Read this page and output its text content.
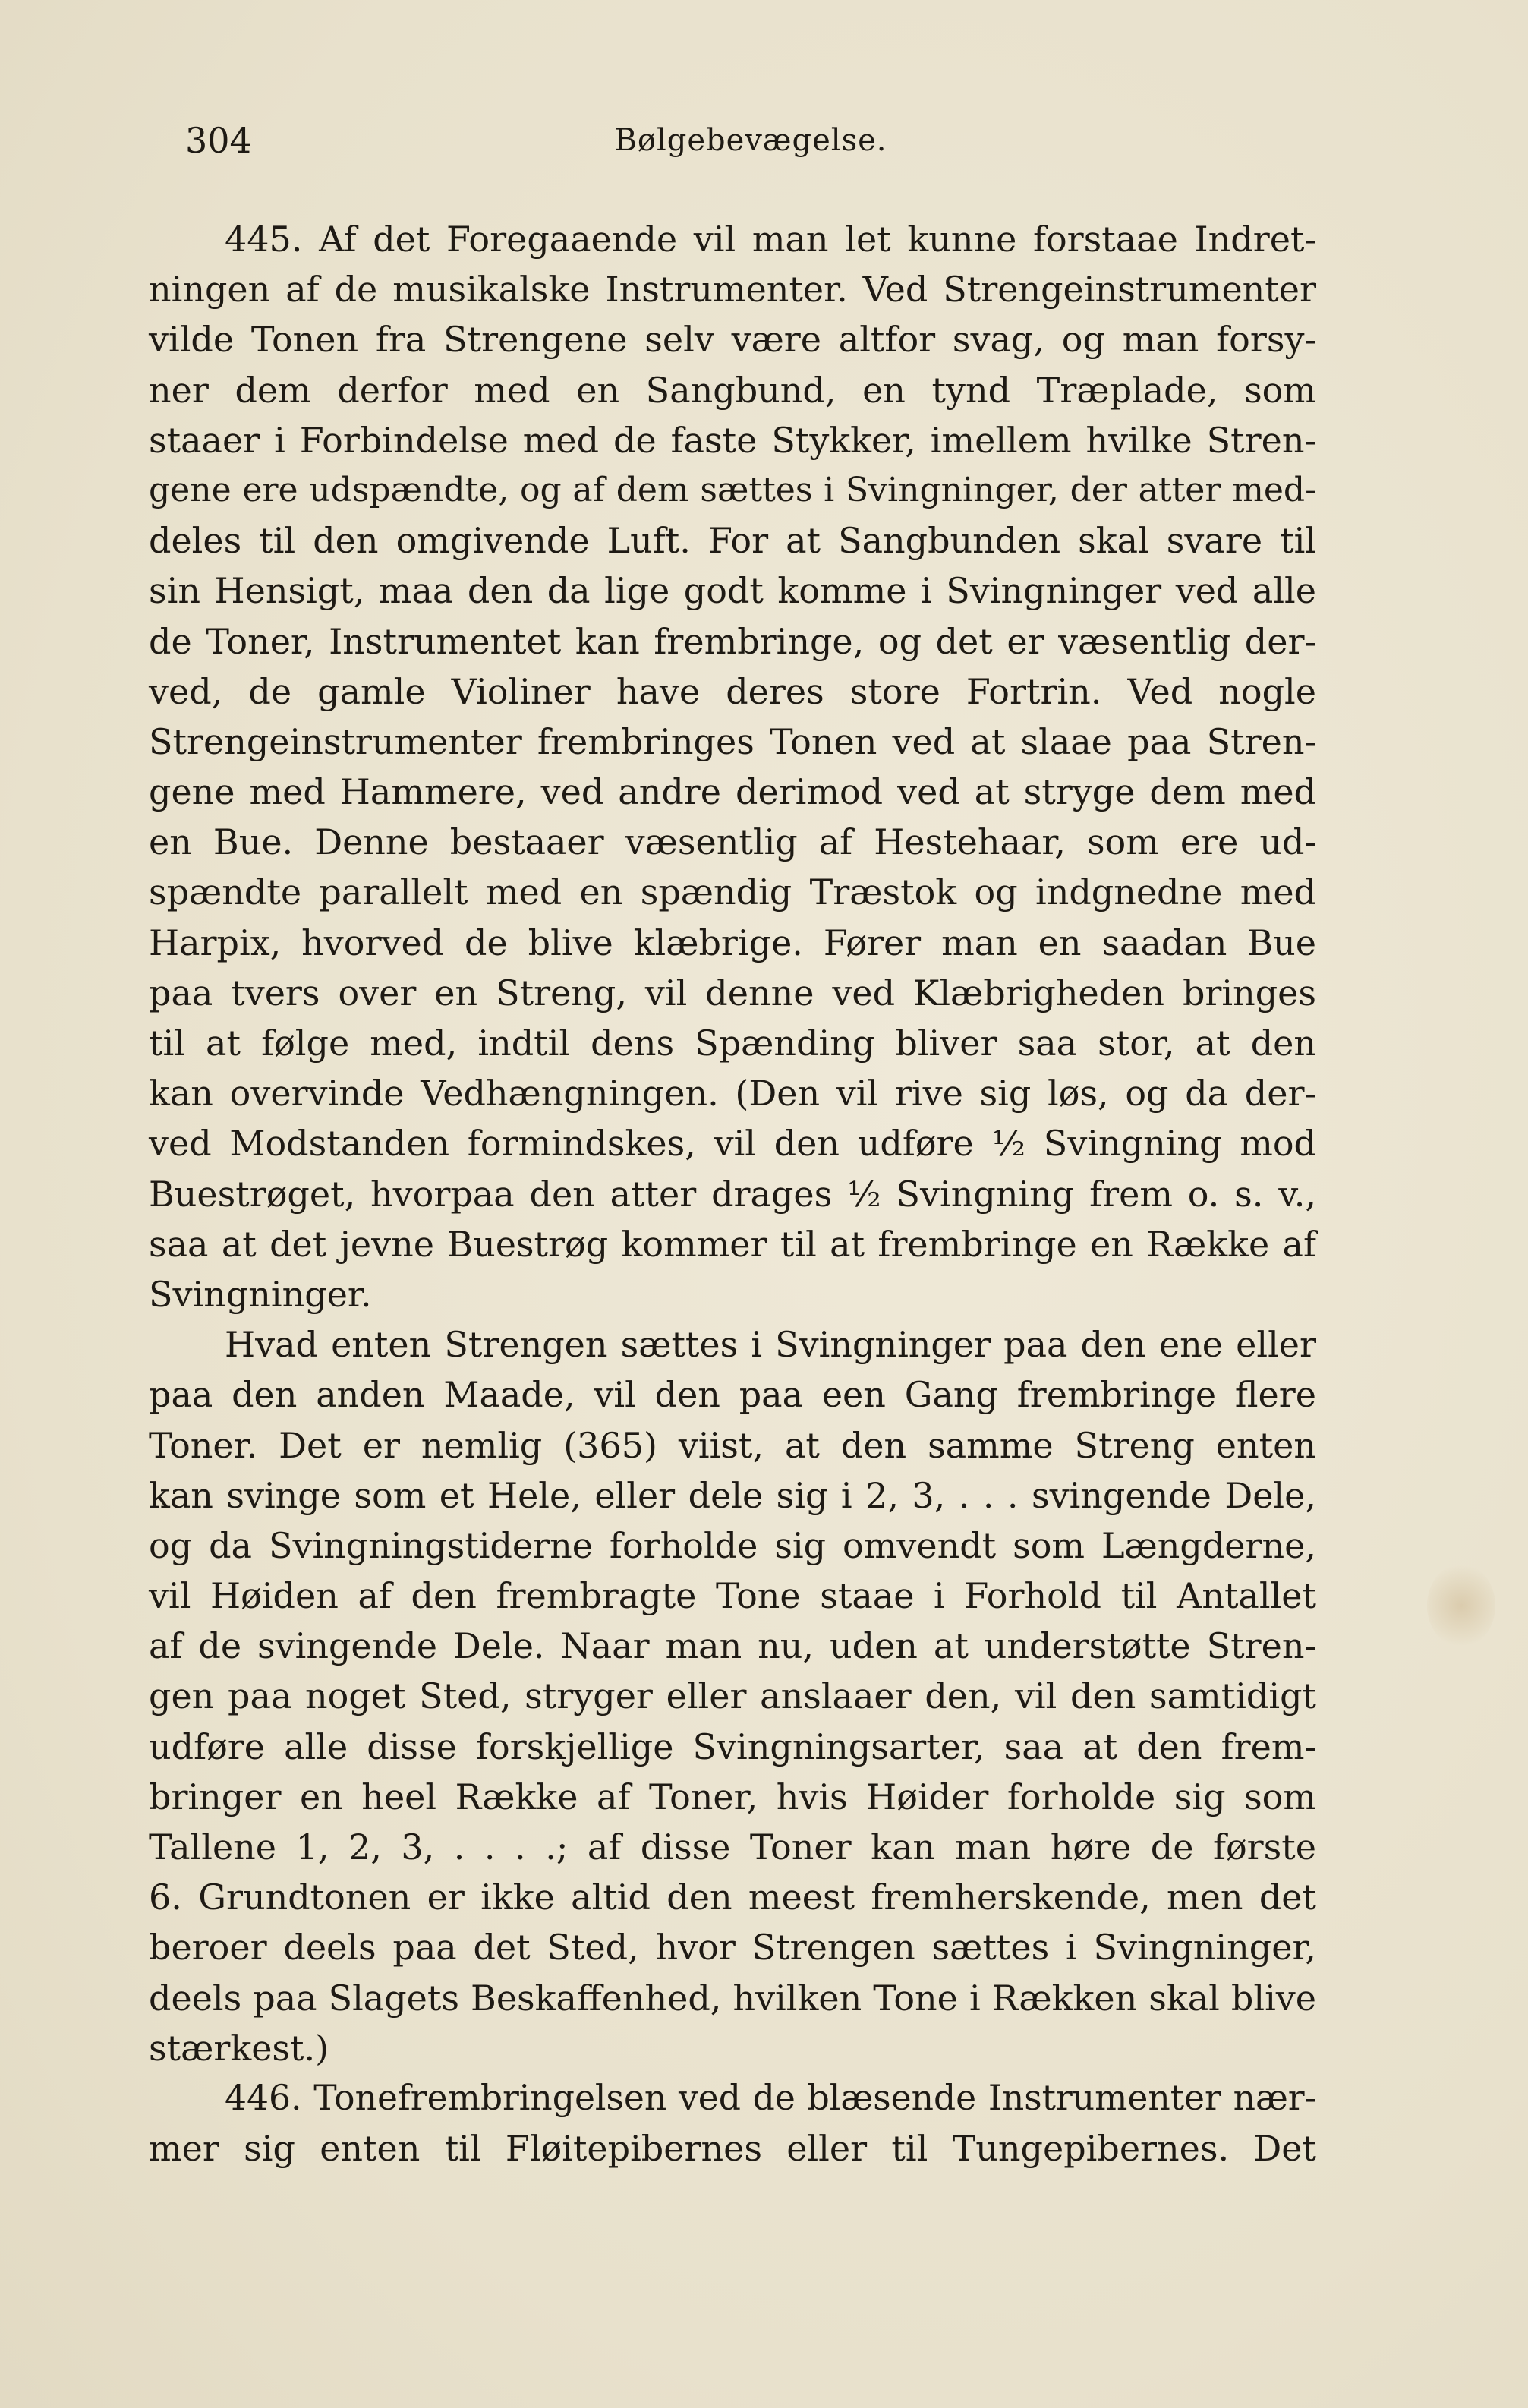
304	Bølgebevægelse.
445. Af det Foregaaende vil man let kunne forstaae Indret-
ningen af de musikalske Instrumenter. Ved Strengeinstrumenter
vilde Tonen fra Strengene selv være altfor svag, og man forsy-
ner dem derfor med en Sangbund, en tynd Træplade, som
staaer i Forbindelse med de faste Stykker, imellem hvilke Stren-
gene ere udspændte, og af dem sættes i Svingninger, der atter med-
deles til den omgivende Luft. For at Sangbunden skal svare til
sin Hensigt, maa den da lige godt komme i Svingninger ved alle
de Toner, Instrumentet kan frembringe, og det er væsentlig der-
ved, de gamle Violiner have deres store Fortrin. Ved nogle
Strengeinstrumenter frembringes Tonen ved at slaae paa Stren-
gene med Hammere, ved andre derimod ved at stryge dem med
en Bue. Denne bestaaer væsentlig af Hestehaar, som ere ud-
spændte parallelt med en spændig Træstok og indgnedne med
Harpix, hvorved de blive klæbrige. Fører man en saadan Bue
paa tvers over en Streng, vil denne ved Klæbrigheden bringes
til at følge med, indtil dens Spænding bliver saa stor, at den
kan overvinde Vedhængningen. (Den vil rive sig løs, og da der-
ved Modstanden formindskes, vil den udføre ½ Svingning mod
Buestrøget, hvorpaa den atter drages ½ Svingning frem o. s. v.,
saa at det jevne Buestrøg kommer til at frembringe en Række af
Svingninger.
Hvad enten Strengen sættes i Svingninger paa den ene eller
paa den anden Maade, vil den paa een Gang frembringe flere
Toner. Det er nemlig (365) viist, at den samme Streng enten
kan svinge som et Hele, eller dele sig i 2, 3, . . . svingende Dele,
og da Svingningstiderne forholde sig omvendt som Længderne,
vil Høiden af den frembragte Tone staae i Forhold til Antallet
af de svingende Dele. Naar man nu, uden at understøtte Stren-
gen paa noget Sted, stryger eller anslaaer den, vil den samtidigt
udføre alle disse forskjellige Svingningsarter, saa at den frem-
bringer en heel Række af Toner, hvis Høider forholde sig som
Tallene 1, 2, 3, . . . .; af disse Toner kan man høre de første
6. Grundtonen er ikke altid den meest fremherskende, men det
beroer deels paa det Sted, hvor Strengen sættes i Svingninger,
deels paa Slagets Beskaffenhed, hvilken Tone i Rækken skal blive
stærkest.)
446. Tonefrembringelsen ved de blæsende Instrumenter nær-
mer sig enten til Fløitepibernes eller til Tungepibernes. Det
